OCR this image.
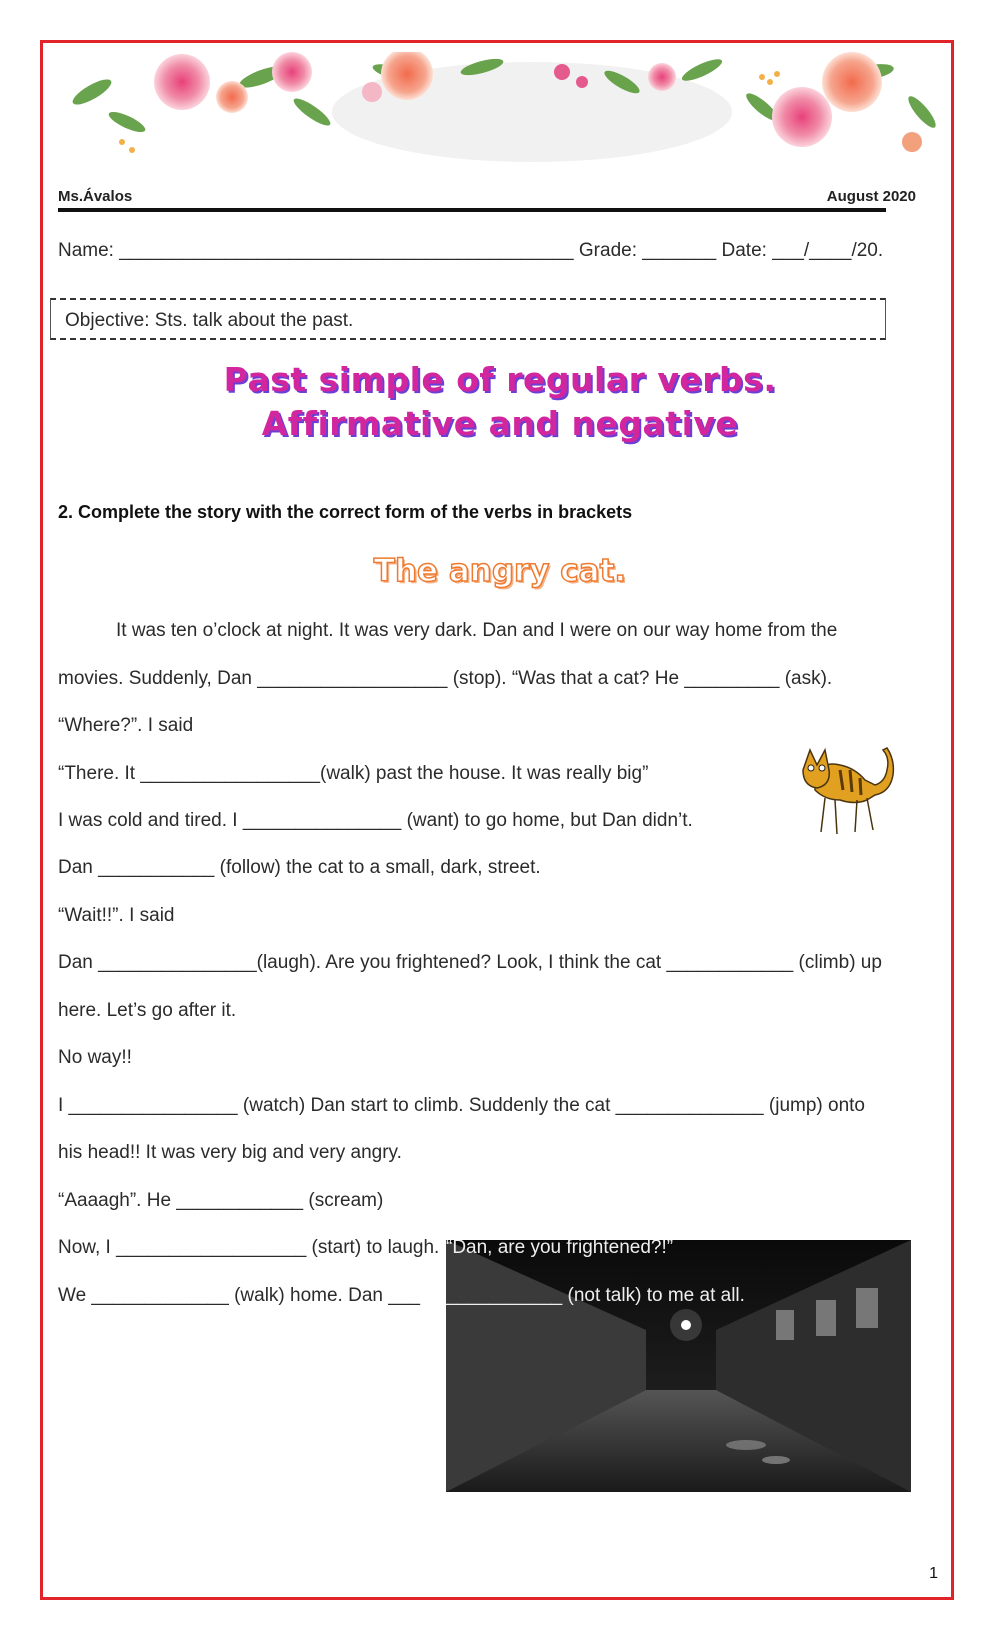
Ms.Ávalos	August 2020
Name: ___________________________________________ Grade: _______ Date: ___/____/20.
Objective: Sts. talk about the past.
Past simple of regular verbs.
Affirmative and negative
2. Complete the story with the correct form of the verbs in brackets
The angry cat.
It was ten o’clock at night. It was very dark. Dan and I were on our way home from the
movies. Suddenly, Dan __________________ (stop). “Was that a cat? He _________ (ask).
“Where?”. I said
“There. It _________________(walk) past the house. It was really big”
I was cold and tired. I _______________ (want) to go home, but Dan didn’t.
Dan ___________ (follow) the cat to a small, dark, street.
“Wait!!”. I said
Dan _______________(laugh). Are you frightened? Look, I think the cat ____________ (climb) up
here. Let’s go after it.
No way!!
I ________________ (watch) Dan start to climb. Suddenly the cat ______________ (jump) onto
his head!! It was very big and very angry.
“Aaaagh”. He ____________ (scream)
Now, I __________________ (start) to laugh.
We _____________ (walk) home. Dan ___
“Dan, are you frightened?!”
___________ (not talk) to me at all.
1
